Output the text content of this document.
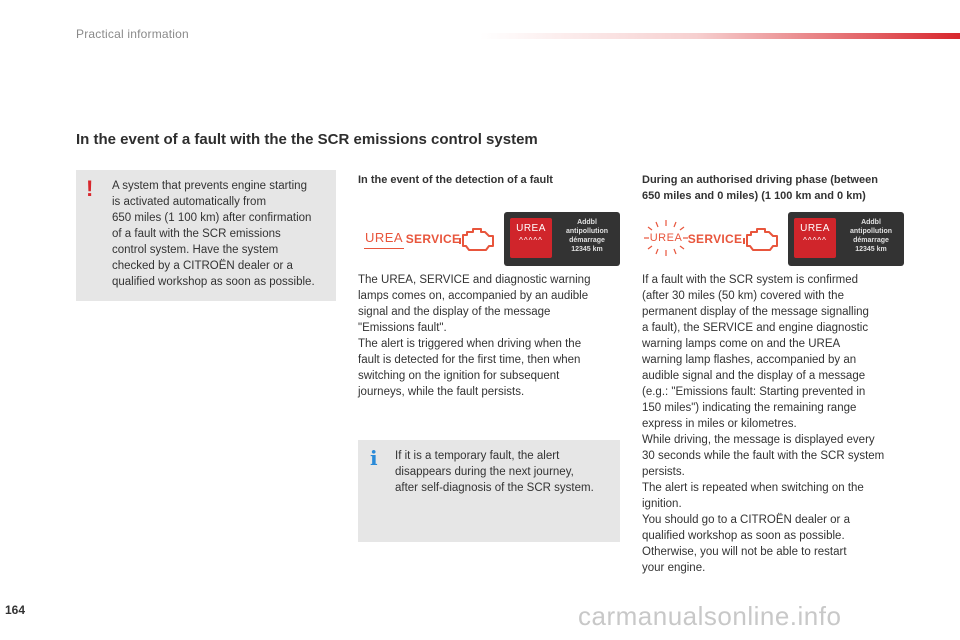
Practical information
In the event of a fault with the the SCR emissions control system
! A system that prevents engine starting
is activated automatically from
650 miles (1 100 km) after confirmation
of a fault with the SCR emissions
control system. Have the system
checked by a CITROËN dealer or a
qualified workshop as soon as possible.
In the event of the detection of a fault
UREA SERVICE
UREA
^^^^^
Addbl
antipollution
démarrage
12345 km
The UREA, SERVICE and diagnostic warning
lamps comes on, accompanied by an audible
signal and the display of the message
"Emissions fault".
The alert is triggered when driving when the
fault is detected for the first time, then when
switching on the ignition for subsequent
journeys, while the fault persists.
i If it is a temporary fault, the alert
disappears during the next journey,
after self-diagnosis of the SCR system.
During an authorised driving phase (between
650 miles and 0 miles) (1 100 km and 0 km)
UREA SERVICE
UREA
^^^^^
Addbl
antipollution
démarrage
12345 km
If a fault with the SCR system is confirmed
(after 30 miles (50 km) covered with the
permanent display of the message signalling
a fault), the SERVICE and engine diagnostic
warning lamps come on and the UREA
warning lamp flashes, accompanied by an
audible signal and the display of a message
(e.g.: "Emissions fault: Starting prevented in
150 miles") indicating the remaining range
express in miles or kilometres.
While driving, the message is displayed every
30 seconds while the fault with the SCR system
persists.
The alert is repeated when switching on the
ignition.
You should go to a CITROËN dealer or a
qualified workshop as soon as possible.
Otherwise, you will not be able to restart
your engine.
164	carmanualsonline.info
